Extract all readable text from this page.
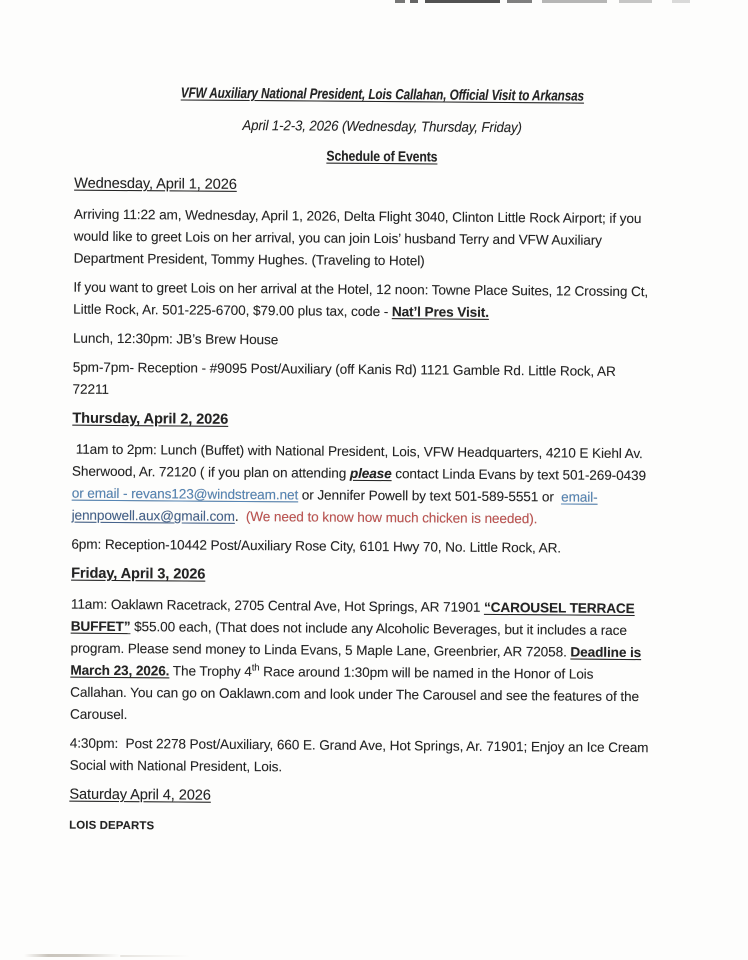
VFW Auxiliary National President, Lois Callahan, Official Visit to Arkansas
April 1-2-3, 2026 (Wednesday, Thursday, Friday)
Schedule of Events
Wednesday, April 1, 2026
Arriving 11:22 am, Wednesday, April 1, 2026, Delta Flight 3040, Clinton Little Rock Airport; if you
would like to greet Lois on her arrival, you can join Lois’ husband Terry and VFW Auxiliary
Department President, Tommy Hughes. (Traveling to Hotel)
If you want to greet Lois on her arrival at the Hotel, 12 noon: Towne Place Suites, 12 Crossing Ct,
Little Rock, Ar. 501-225-6700, $79.00 plus tax, code - Nat’l Pres Visit.
Lunch, 12:30pm: JB’s Brew House
5pm-7pm- Reception - #9095 Post/Auxiliary (off Kanis Rd) 1121 Gamble Rd. Little Rock, AR
72211
Thursday, April 2, 2026
11am to 2pm: Lunch (Buffet) with National President, Lois, VFW Headquarters, 4210 E Kiehl Av.
Sherwood, Ar. 72120 ( if you plan on attending please contact Linda Evans by text 501-269-0439
or email - revans123@windstream.net or Jennifer Powell by text 501-589-5551 or  email-
jennpowell.aux@gmail.com.  (We need to know how much chicken is needed).
6pm: Reception-10442 Post/Auxiliary Rose City, 6101 Hwy 70, No. Little Rock, AR.
Friday, April 3, 2026
11am: Oaklawn Racetrack, 2705 Central Ave, Hot Springs, AR 71901 “CAROUSEL TERRACE
BUFFET” $55.00 each, (That does not include any Alcoholic Beverages, but it includes a race
program. Please send money to Linda Evans, 5 Maple Lane, Greenbrier, AR 72058. Deadline is
March 23, 2026. The Trophy 4th Race around 1:30pm will be named in the Honor of Lois
Callahan. You can go on Oaklawn.com and look under The Carousel and see the features of the
Carousel.
4:30pm:  Post 2278 Post/Auxiliary, 660 E. Grand Ave, Hot Springs, Ar. 71901; Enjoy an Ice Cream
Social with National President, Lois.
Saturday April 4, 2026
LOIS DEPARTS
